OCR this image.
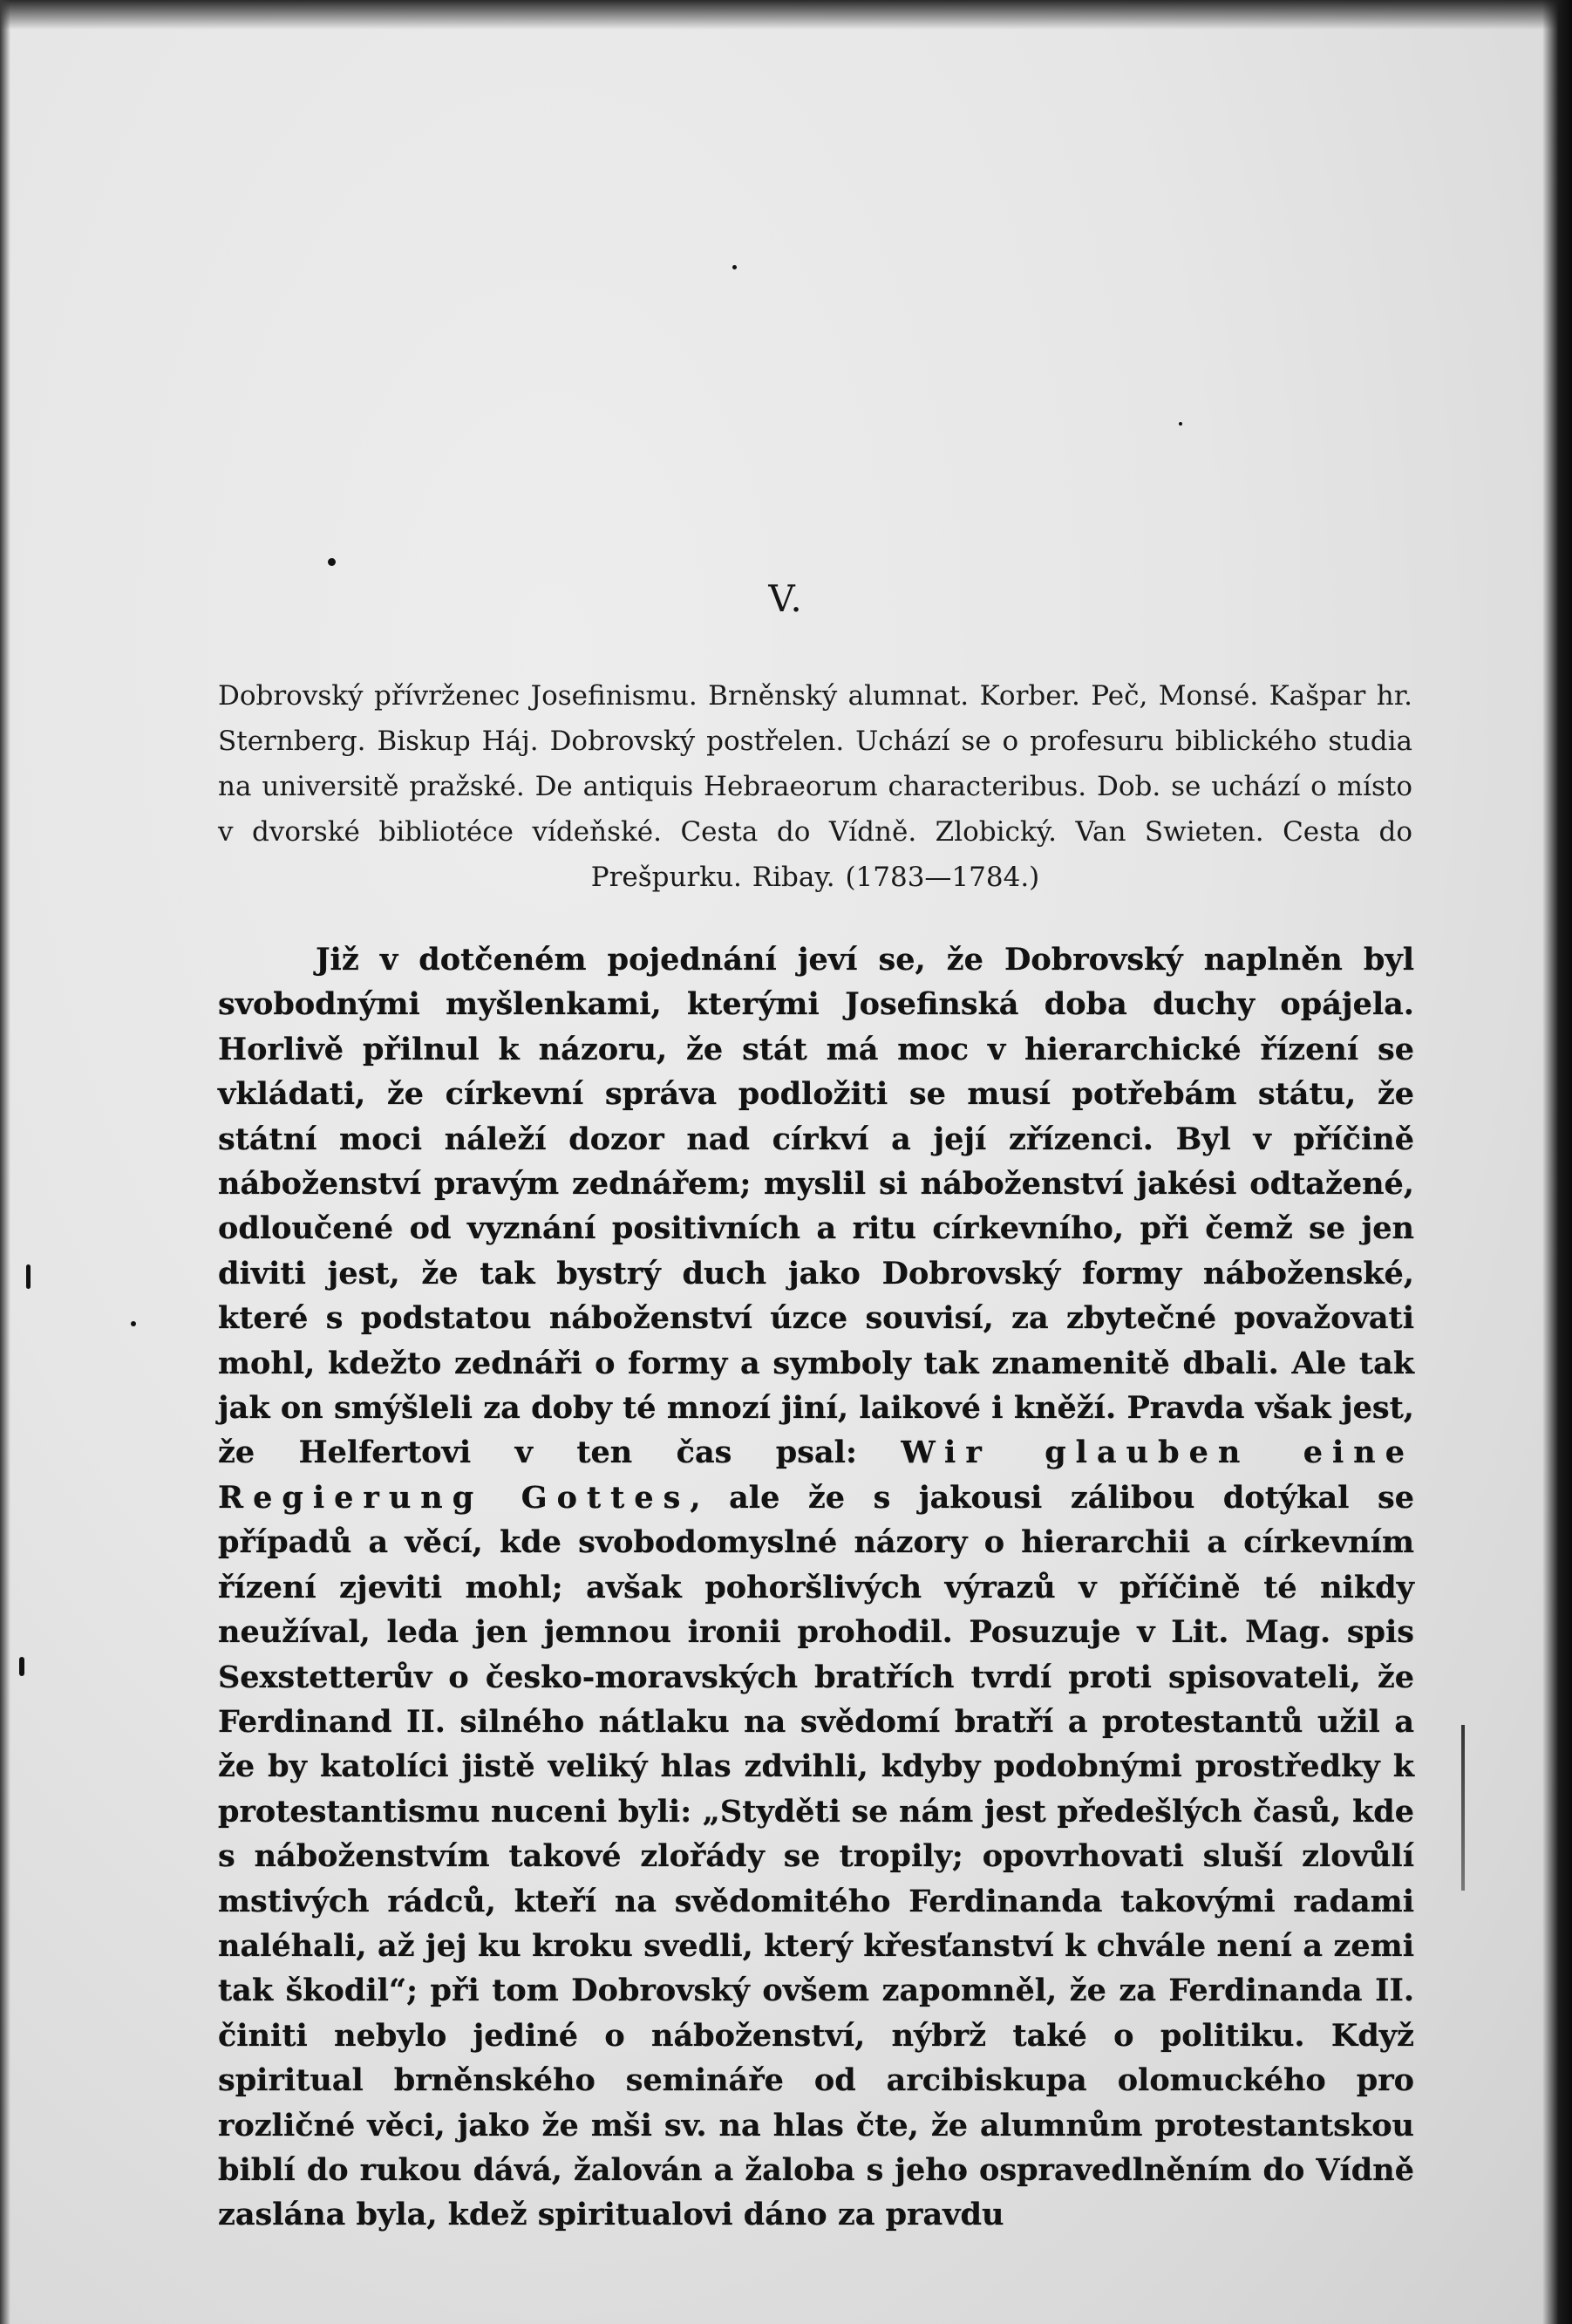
V.
Dobrovský přívrženec Josefinismu. Brněnský alumnat. Korber. Peč, Monsé. Kašpar hr. Sternberg. Biskup Háj. Dobrovský postřelen. Uchází se o profesuru biblického studia na universitě pražské. De antiquis Hebraeorum characteribus. Dob. se uchází o místo v dvorské bibliotéce vídeňské. Cesta do Vídně. Zlobický. Van Swieten. Cesta do Prešpurku. Ribay. (1783—1784.)
Již v dotčeném pojednání jeví se, že Dobrovský naplněn byl svobodnými myšlenkami, kterými Josefinská doba duchy opájela. Horlivě přilnul k názoru, že stát má moc v hierarchické řízení se vkládati, že církevní správa podložiti se musí potřebám státu, že státní moci náleží dozor nad církví a její zřízenci. Byl v příčině náboženství pravým zednářem; myslil si náboženství jakési odtažené, odloučené od vyznání positivních a ritu církevního, při čemž se jen diviti jest, že tak bystrý duch jako Dobrovský formy náboženské, které s podstatou náboženství úzce souvisí, za zbytečné považovati mohl, kdežto zednáři o formy a symboly tak znamenitě dbali. Ale tak jak on smýšleli za doby té mnozí jiní, laikové i kněží. Pravda však jest, že Helfertovi v ten čas psal: Wir glauben eine Regierung Gottes, ale že s jakousi zálibou dotýkal se případů a věcí, kde svobodomyslné názory o hierarchii a církevním řízení zjeviti mohl; avšak pohoršlivých výrazů v příčině té nikdy neužíval, leda jen jemnou ironii prohodil. Posuzuje v Lit. Mag. spis Sexstetterův o česko-moravských bratřích tvrdí proti spisovateli, že Ferdinand II. silného nátlaku na svědomí bratří a protestantů užil a že by katolíci jistě veliký hlas zdvihli, kdyby podobnými prostředky k protestantismu nuceni byli: „Styděti se nám jest předešlých časů, kde s náboženstvím takové zlořády se tropily; opovrhovati sluší zlovůlí mstivých rádců, kteří na svědomitého Ferdinanda takovými radami naléhali, až jej ku kroku svedli, který křesťanství k chvále není a zemi tak škodil“; při tom Dobrovský ovšem zapomněl, že za Ferdinanda II. činiti nebylo jediné o náboženství, nýbrž také o politiku. Když spiritual brněnského semináře od arcibiskupa olomuckého pro rozličné věci, jako že mši sv. na hlas čte, že alumnům protestantskou biblí do rukou dává, žalován a žaloba s jeho ospravedlněním do Vídně zaslána byla, kdež spiritualovi dáno za pravdu
